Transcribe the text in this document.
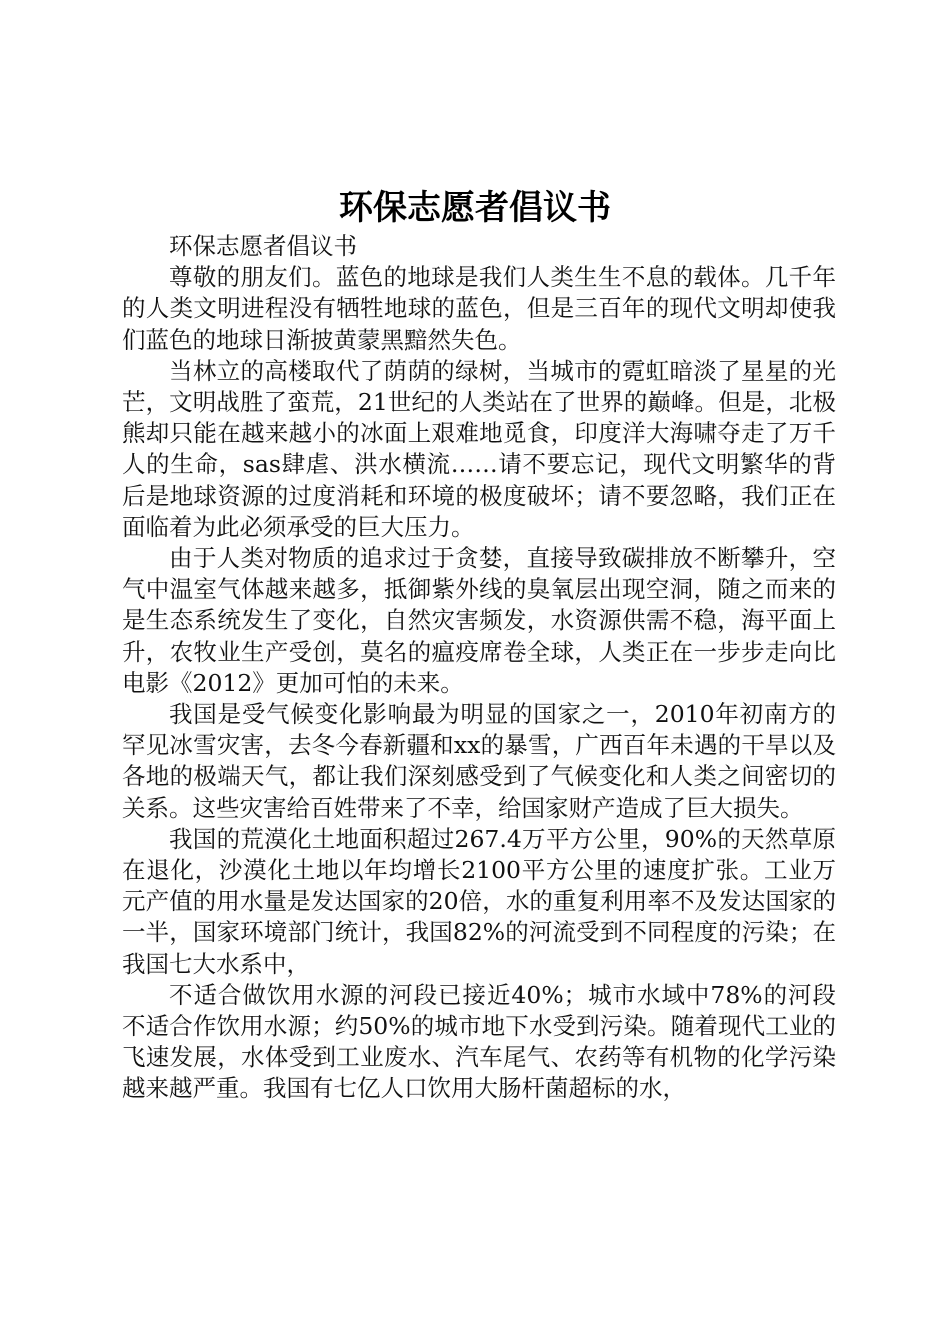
环保志愿者倡议书

环保志愿者倡议书

尊敬的朋友们。蓝色的地球是我们人类生生不息的载体。几千年的人类文明进程没有牺牲地球的蓝色，但是三百年的现代文明却使我们蓝色的地球日渐披黄蒙黑黯然失色。

当林立的高楼取代了荫荫的绿树，当城市的霓虹暗淡了星星的光芒，文明战胜了蛮荒，21世纪的人类站在了世界的巅峰。但是，北极熊却只能在越来越小的冰面上艰难地觅食，印度洋大海啸夺走了万千人的生命，sas肆虐、洪水横流……请不要忘记，现代文明繁华的背后是地球资源的过度消耗和环境的极度破坏；请不要忽略，我们正在面临着为此必须承受的巨大压力。

由于人类对物质的追求过于贪婪，直接导致碳排放不断攀升，空气中温室气体越来越多，抵御紫外线的臭氧层出现空洞，随之而来的是生态系统发生了变化，自然灾害频发，水资源供需不稳，海平面上升，农牧业生产受创，莫名的瘟疫席卷全球，人类正在一步步走向比电影《2012》更加可怕的未来。

我国是受气候变化影响最为明显的国家之一，2010年初南方的罕见冰雪灾害，去冬今春新疆和xx的暴雪，广西百年未遇的干旱以及各地的极端天气，都让我们深刻感受到了气候变化和人类之间密切的关系。这些灾害给百姓带来了不幸，给国家财产造成了巨大损失。

我国的荒漠化土地面积超过267.4万平方公里，90%的天然草原在退化，沙漠化土地以年均增长2100平方公里的速度扩张。工业万元产值的用水量是发达国家的20倍，水的重复利用率不及发达国家的一半，国家环境部门统计，我国82%的河流受到不同程度的污染；在我国七大水系中，

不适合做饮用水源的河段已接近40%；城市水域中78%的河段不适合作饮用水源；约50%的城市地下水受到污染。随着现代工业的飞速发展，水体受到工业废水、汽车尾气、农药等有机物的化学污染越来越严重。我国有七亿人口饮用大肠杆菌超标的水，
